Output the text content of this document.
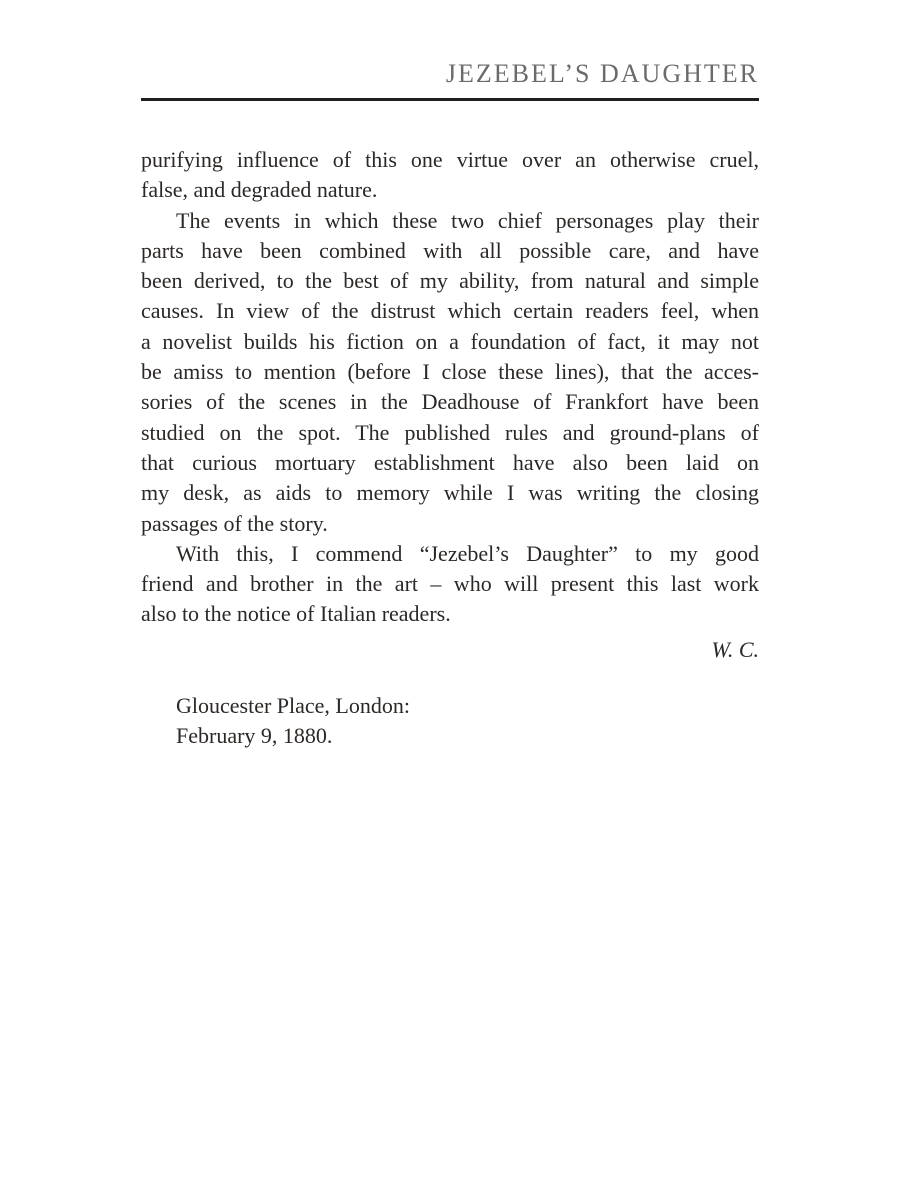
JEZEBEL’S DAUGHTER
purifying influence of this one virtue over an otherwise cruel,
false, and degraded nature.
The events in which these two chief personages play their
parts have been combined with all possible care, and have
been derived, to the best of my ability, from natural and simple
causes. In view of the distrust which certain readers feel, when
a novelist builds his fiction on a foundation of fact, it may not
be amiss to mention (before I close these lines), that the acces-
sories of the scenes in the Deadhouse of Frankfort have been
studied on the spot. The published rules and ground-plans of
that curious mortuary establishment have also been laid on
my desk, as aids to memory while I was writing the closing
passages of the story.
With this, I commend “Jezebel’s Daughter” to my good
friend and brother in the art – who will present this last work
also to the notice of Italian readers.
W. C.
Gloucester Place, London:
February 9, 1880.
